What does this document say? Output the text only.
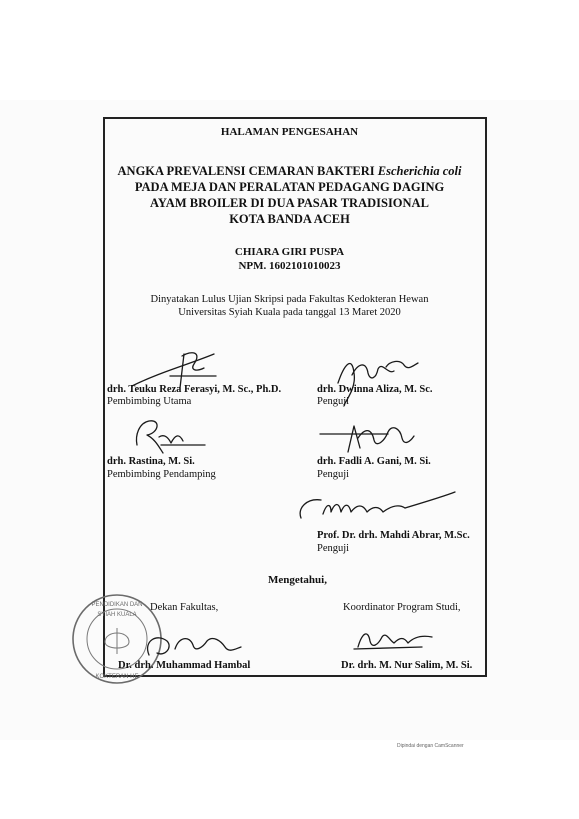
HALAMAN PENGESAHAN
ANGKA PREVALENSI CEMARAN BAKTERI Escherichia coli
PADA MEJA DAN PERALATAN PEDAGANG DAGING
AYAM BROILER DI DUA PASAR TRADISIONAL
KOTA BANDA ACEH
CHIARA GIRI PUSPA
NPM. 1602101010023
Dinyatakan Lulus Ujian Skripsi pada Fakultas Kedokteran Hewan
Universitas Syiah Kuala pada tanggal 13 Maret 2020
drh. Teuku Reza Ferasyi, M. Sc., Ph.D.
Pembimbing Utama
drh. Dwinna Aliza, M. Sc.
Penguji
drh. Rastina, M. Si.
Pembimbing Pendamping
drh. Fadli A. Gani, M. Si.
Penguji
Prof. Dr. drh. Mahdi Abrar, M.Sc.
Penguji
Mengetahui,
PENDIDIKAN DAN
SYIAH KUALA
KOKTERAN HE
Dekan Fakultas,	Koordinator Program Studi,
Dr. drh. Muhammad Hambal	Dr. drh. M. Nur Salim, M. Si.
Dipindai dengan CamScanner
